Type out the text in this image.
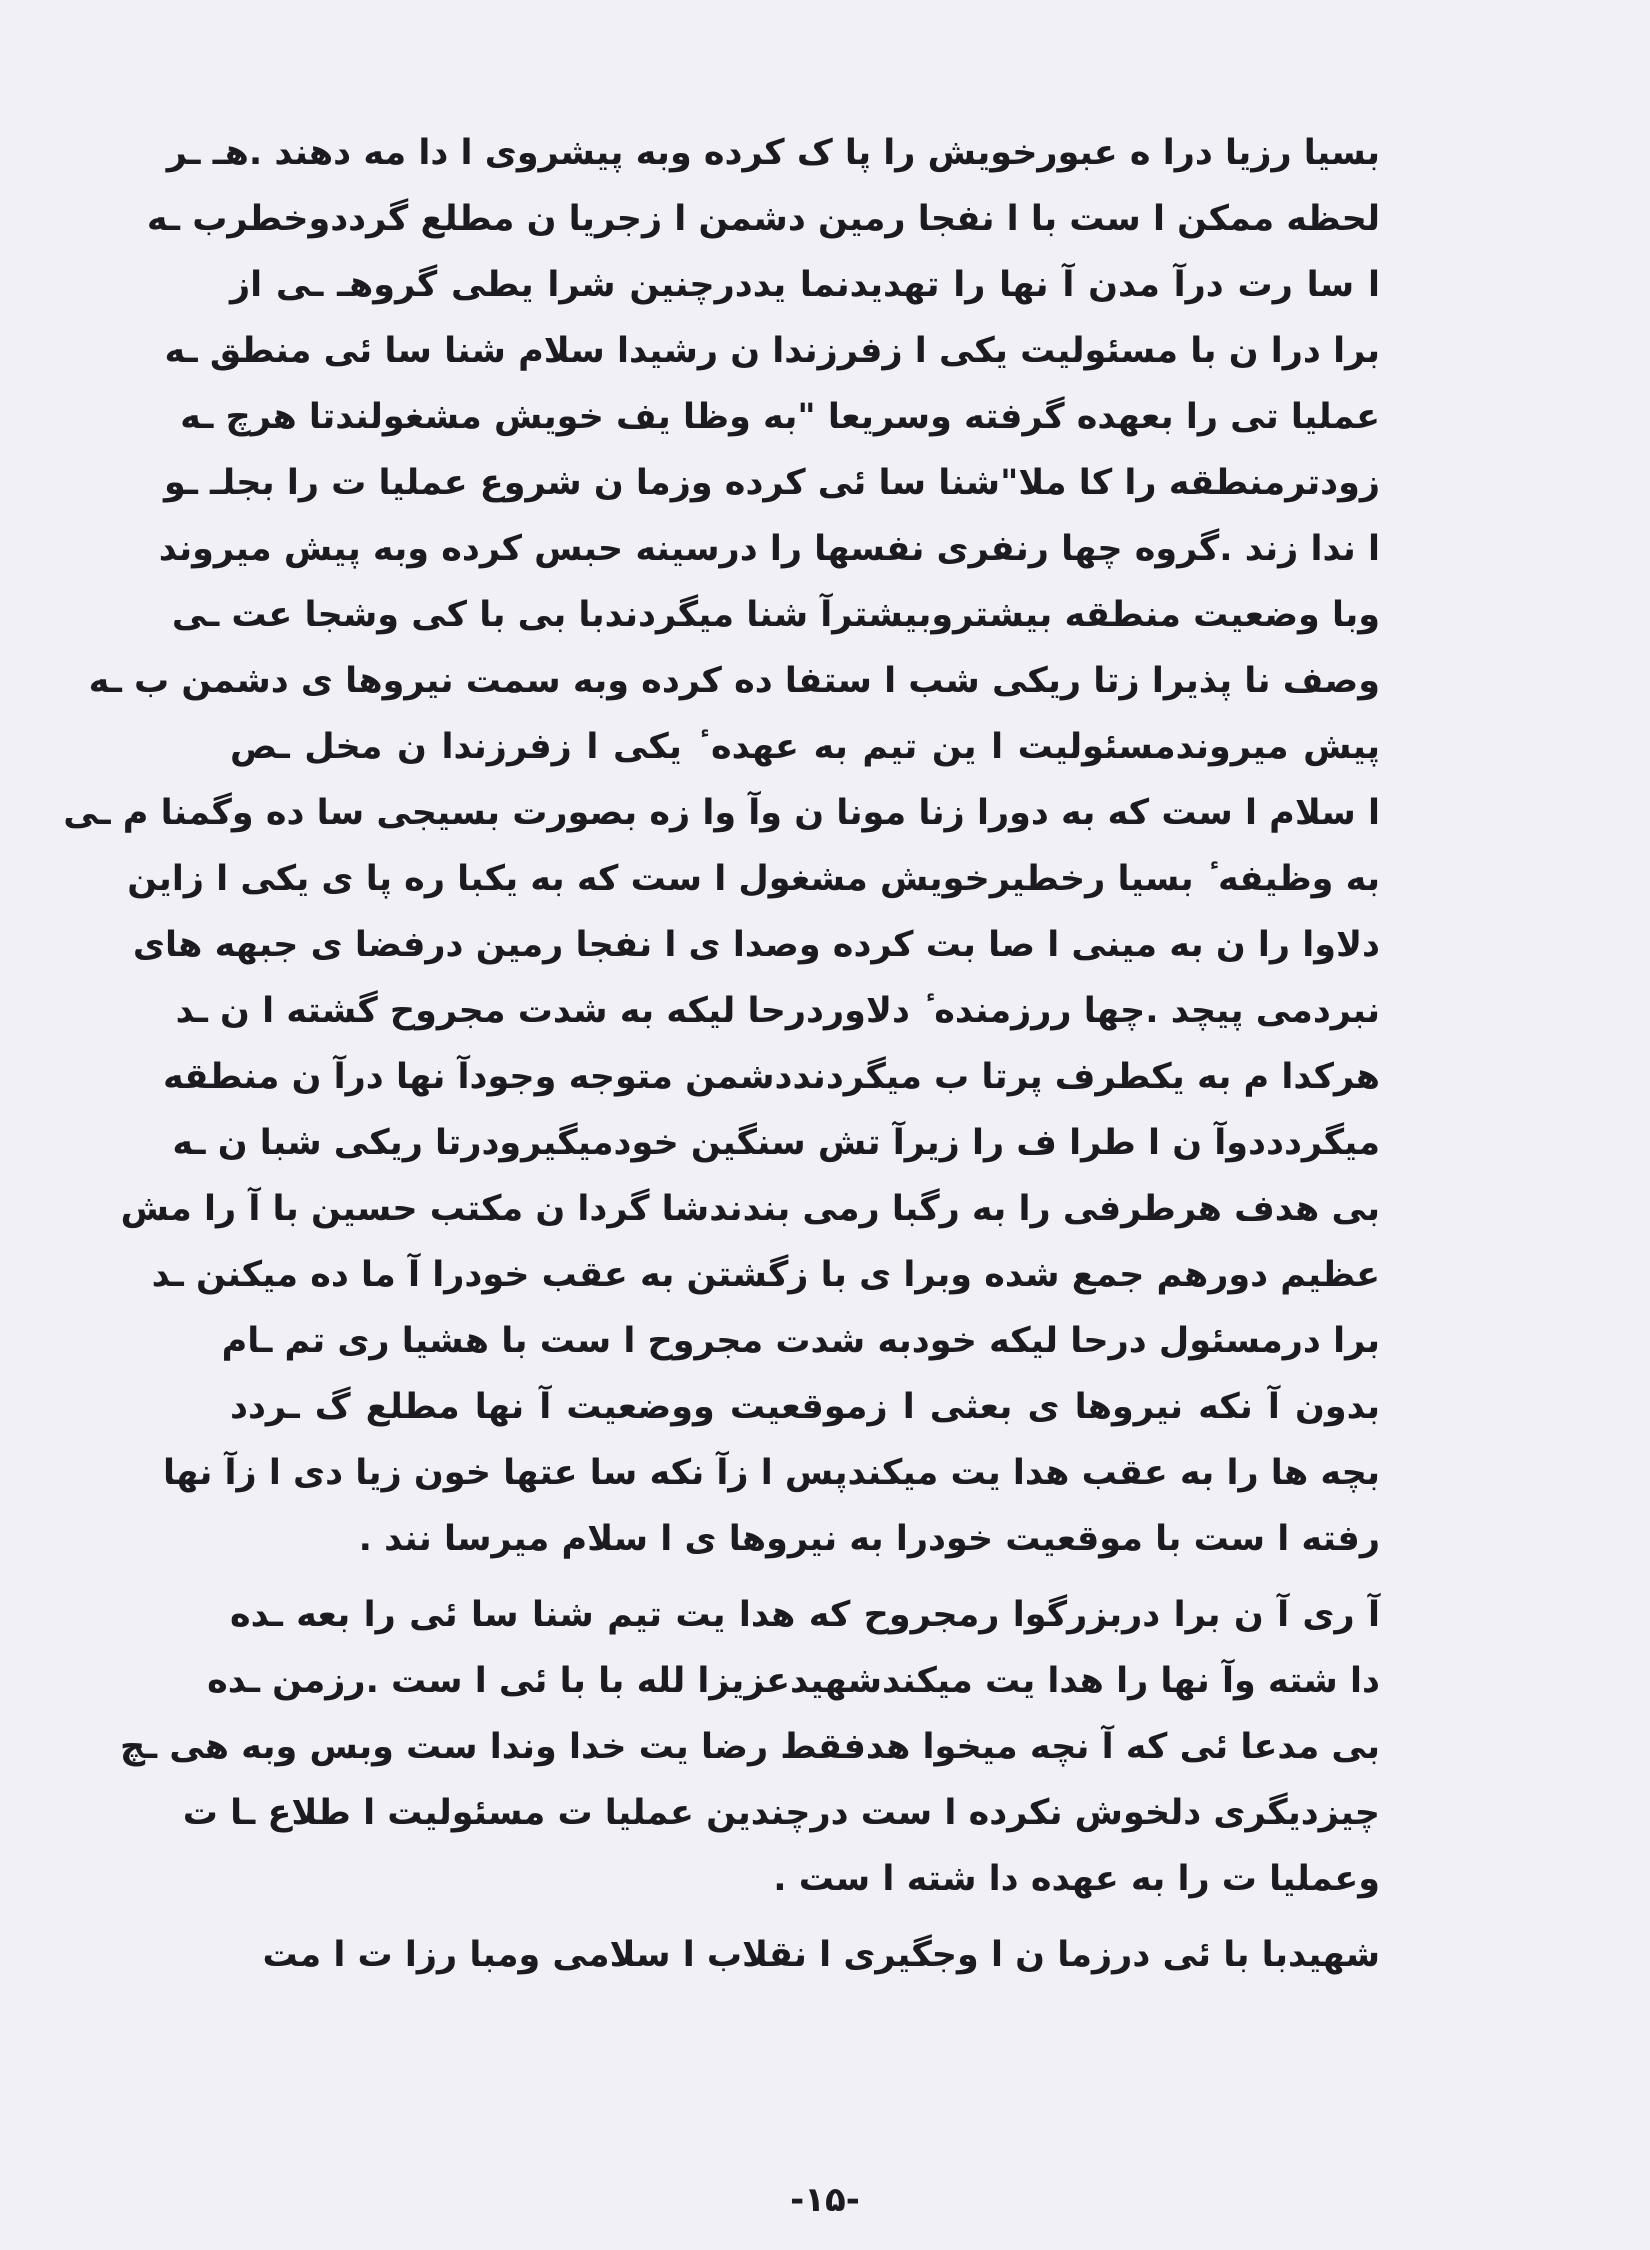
بسیا رزیا درا ه عبورخویش را پا ک کرده وبه پیشروی ا دا مه دهند .هـ ـر
لحظه ممکن ا ست با ا نفجا رمین دشمن ا زجریا ن مطلع گرددوخطرب ـه
ا سا رت درآ مدن آ نها را تهدیدنما یددرچنین شرا یطی گروهـ ـی از
برا درا ن با مسئولیت یکی ا زفرزندا ن رشیدا سلام شنا سا ئی منطق ـه
عملیا تی را بعهده گرفته وسریعا "به وظا یف خویش مشغولندتا هرچ ـه
زودترمنطقه را کا ملا"شنا سا ئی کرده وزما ن شروع عملیا ت را بجلـ ـو
ا ندا زند .گروه چها رنفری نفسها را درسینه حبس کرده وبه پیش میروند
وبا وضعیت منطقه بیشتروبیشترآ شنا میگردندبا بی با کی وشجا عت ـی
وصف نا پذیرا زتا ریکی شب ا ستفا ده کرده وبه سمت نیروها ی دشمن ب ـه
پیش میروندمسئولیت ا ین تیم به عهده ٔ یکی ا زفرزندا ن مخل ـص
ا سلام ا ست که به دورا زنا مونا ن وآ وا زه بصورت بسیجی سا ده وگمنا م ـی
به وظیفه ٔ بسیا رخطیرخویش مشغول ا ست که به یکبا ره پا ی یکی ا زاین
دلاوا را ن به مینی ا صا بت کرده وصدا ی ا نفجا رمین درفضا ی جبهه های
نبردمی پیچد .چها ررزمنده ٔ دلاوردرحا لیکه به شدت مجروح گشته ا ن ـد
هرکدا م به یکطرف پرتا ب میگردنددشمن متوجه وجودآ نها درآ ن منطقه
میگردددوآ ن ا طرا ف را زیرآ تش سنگین خودمیگیرودرتا ریکی شبا ن ـه
بی هدف هرطرفی را به رگبا رمی بندندشا گردا ن مکتب حسین با آ را مش
عظیم دورهم جمع شده وبرا ی با زگشتن به عقب خودرا آ ما ده میکنن ـد
برا درمسئول درحا لیکه خودبه شدت مجروح ا ست با هشیا ری تم ـام
بدون آ نکه نیروها ی بعثی ا زموقعیت ووضعیت آ نها مطلع گ ـردد
بچه ها را به عقب هدا یت میکندپس ا زآ نکه سا عتها خون زیا دی ا زآ نها
رفته ا ست با موقعیت خودرا به نیروها ی ا سلام میرسا نند .
آ ری آ ن برا دربزرگوا رمجروح که هدا یت تیم شنا سا ئی را بعه ـده
دا شته وآ نها را هدا یت میکندشهیدعزیزا لله با با ئی ا ست .رزمن ـده
بی مدعا ئی که آ نچه میخوا هدفقط رضا یت خدا وندا ست وبس وبه هی ـچ
چیزدیگری دلخوش نکرده ا ست درچندین عملیا ت مسئولیت ا طلاع ـا ت
وعملیا ت را به عهده دا شته ا ست .
شهیدبا با ئی درزما ن ا وجگیری ا نقلاب ا سلامی ومبا رزا ت ا مت
-۱۵-
